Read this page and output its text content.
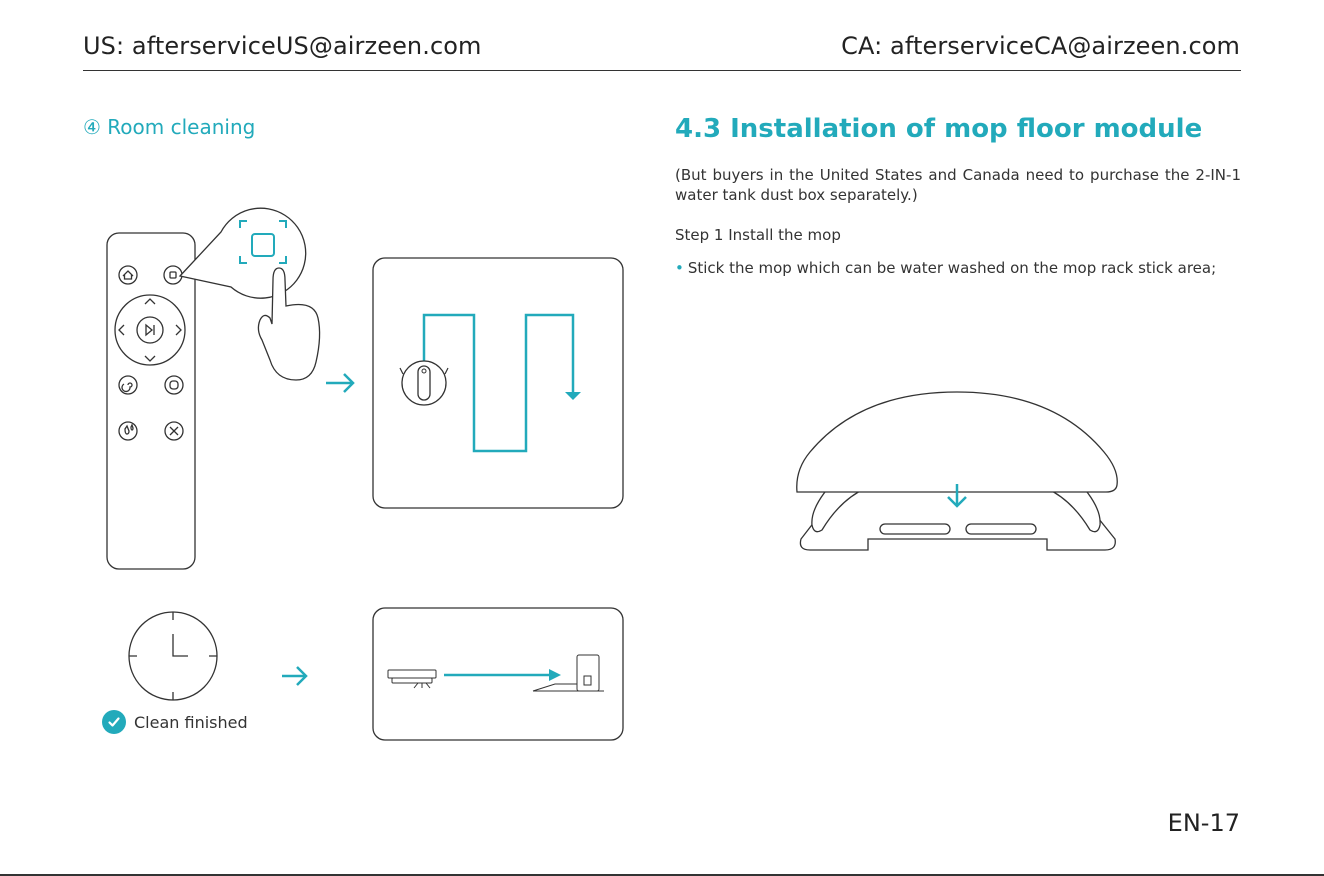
US: afterserviceUS@airzeen.com	CA: afterserviceCA@airzeen.com
④ Room cleaning
Clean finished
4.3 Installation of mop floor module
(But buyers in the United States and Canada need to purchase the 2-IN-1 water tank dust box separately.)
Step 1 Install the mop
• Stick the mop which can be water washed on the mop rack stick area;
EN-17
